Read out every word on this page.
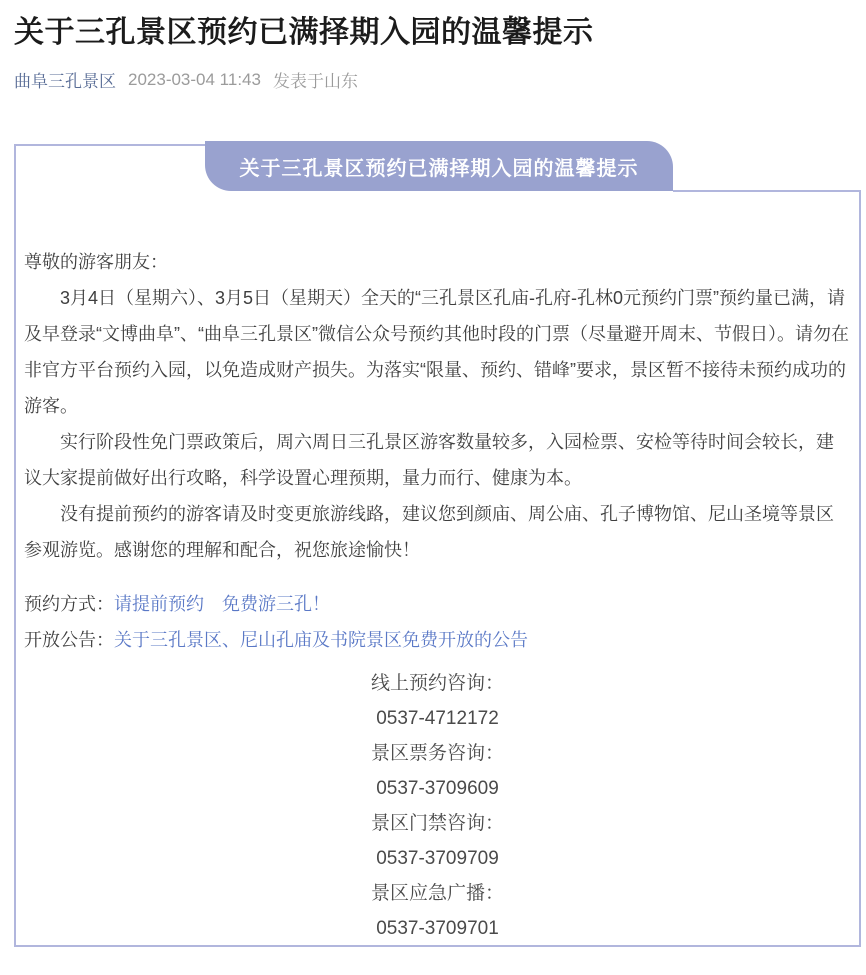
关于三孔景区预约已满择期入园的温馨提示
曲阜三孔景区 2023-03-04 11:43 发表于山东
关于三孔景区预约已满择期入园的温馨提示

尊敬的游客朋友：

3月4日（星期六）、3月5日（星期天）全天的“三孔景区孔庙-孔府-孔林0元预约门票”预约量已满，请及早登录“文博曲阜”、“曲阜三孔景区”微信公众号预约其他时段的门票（尽量避开周末、节假日）。请勿在非官方平台预约入园，以免造成财产损失。为落实“限量、预约、错峰”要求，景区暂不接待未预约成功的游客。

实行阶段性免门票政策后，周六周日三孔景区游客数量较多，入园检票、安检等待时间会较长，建议大家提前做好出行攻略，科学设置心理预期，量力而行、健康为本。

没有提前预约的游客请及时变更旅游线路，建议您到颜庙、周公庙、孔子博物馆、尼山圣境等景区参观游览。感谢您的理解和配合，祝您旅途愉快！

预约方式：请提前预约　免费游三孔！

开放公告：关于三孔景区、尼山孔庙及书院景区免费开放的公告

线上预约咨询：

0537-4712172

景区票务咨询：

0537-3709609

景区门禁咨询：

0537-3709709

景区应急广播：

0537-3709701
